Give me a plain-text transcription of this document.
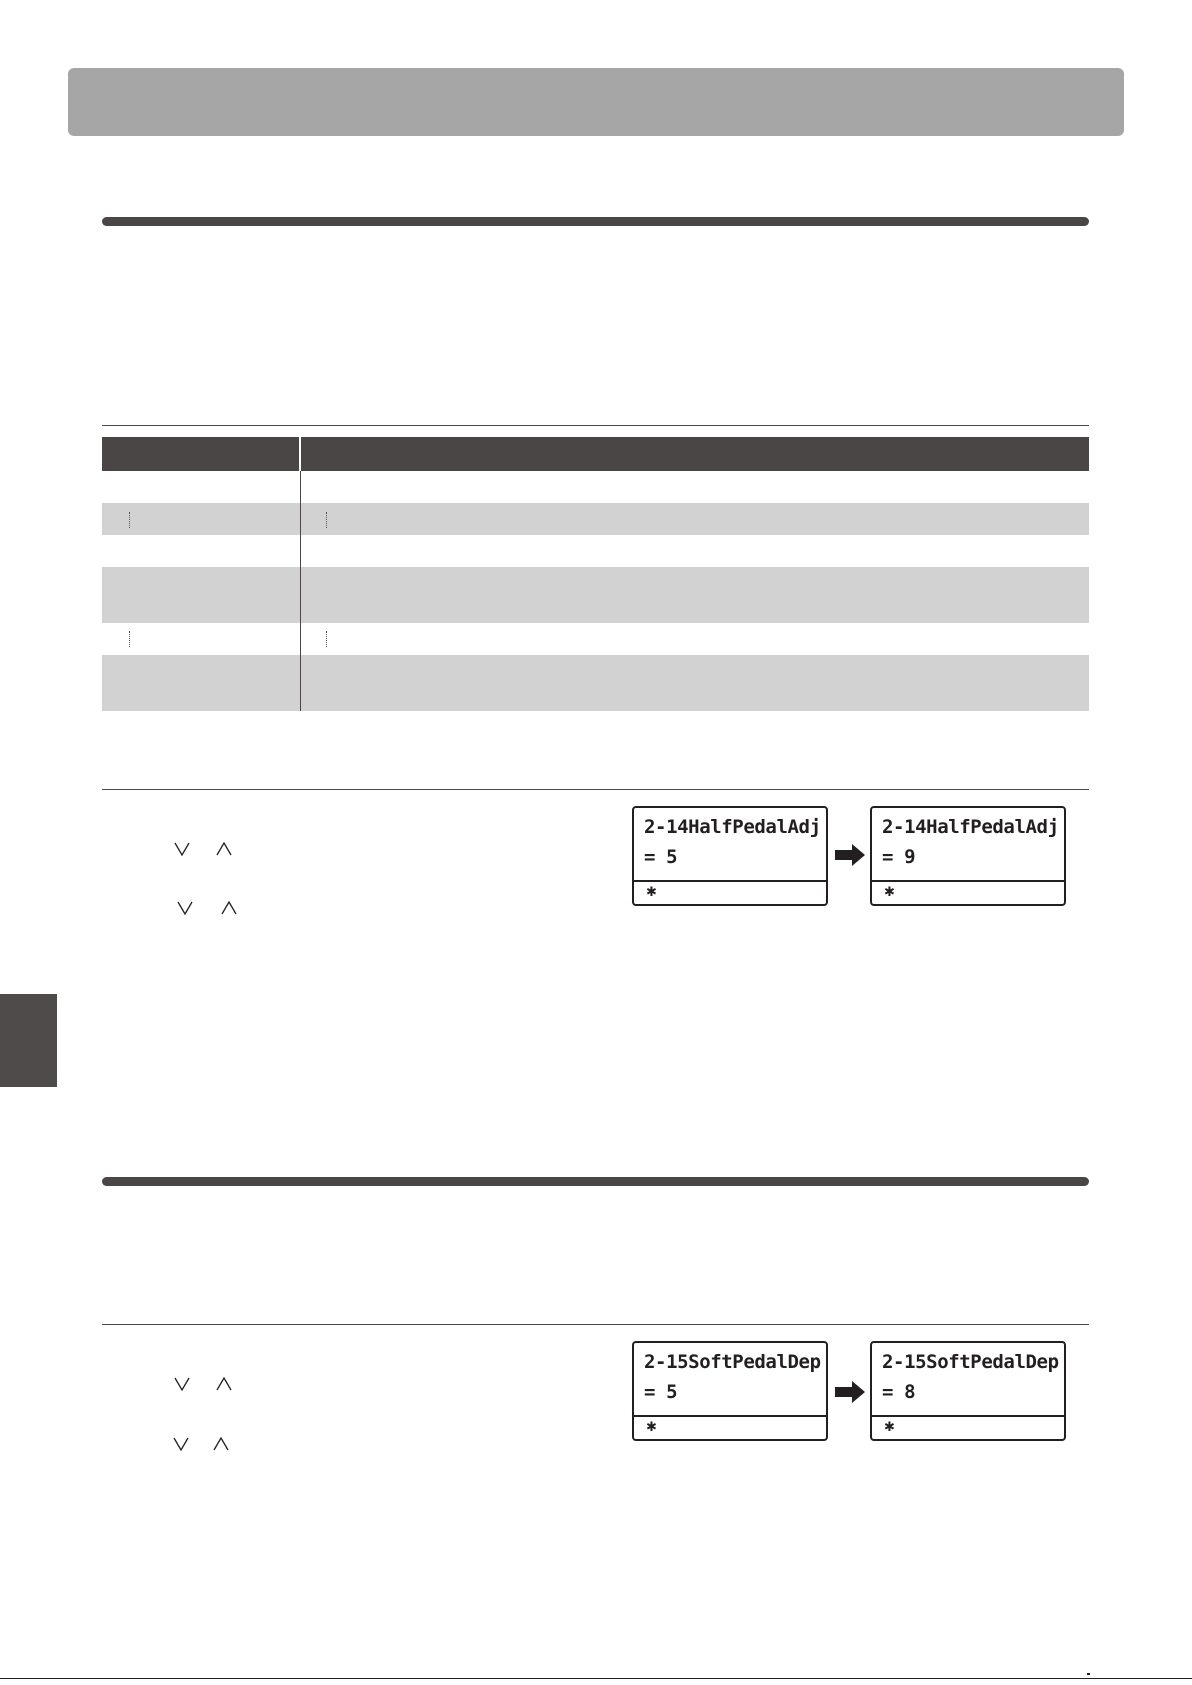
2-14HalfPedalAdj
= 5
✱
2-14HalfPedalAdj
= 9
✱
2-15SoftPedalDep
= 5
✱
2-15SoftPedalDep
= 8
✱
